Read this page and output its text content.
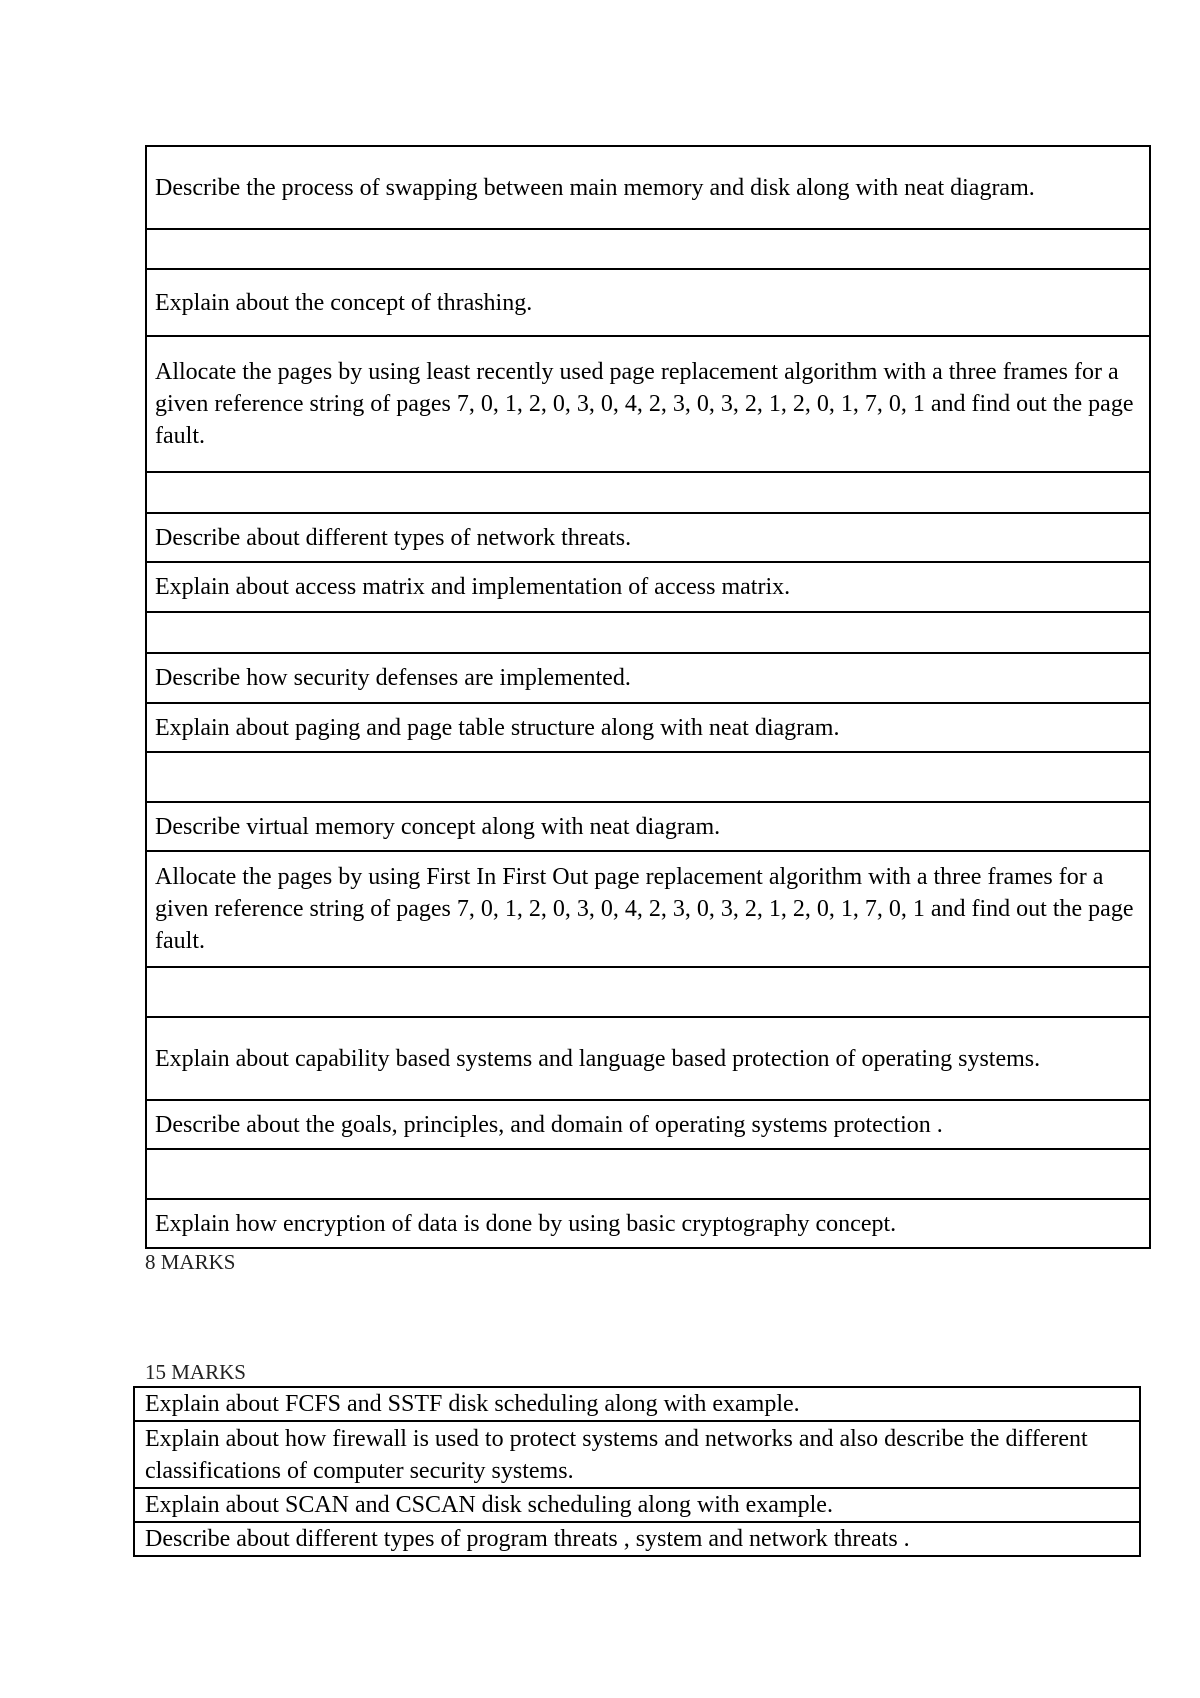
Describe the process of swapping between main memory and disk along with neat diagram.

Explain about the concept of thrashing.
Allocate the pages by using least recently used page replacement algorithm with a three frames for a given reference string of pages 7, 0, 1, 2, 0, 3, 0, 4, 2, 3, 0, 3, 2, 1, 2, 0, 1, 7, 0, 1 and find out the page fault.

Describe about different types of network threats.
Explain about access matrix and implementation of access matrix.

Describe how security defenses are implemented.
Explain about paging and page table structure along with neat diagram.

Describe virtual memory concept along with neat diagram.
Allocate the pages by using First In First Out page replacement algorithm with a three frames for a given reference string of pages 7, 0, 1, 2, 0, 3, 0, 4, 2, 3, 0, 3, 2, 1, 2, 0, 1, 7, 0, 1 and find out the page fault.

Explain about capability based systems and language based protection of operating systems.
Describe about the goals, principles, and domain of operating systems protection .

Explain how encryption of data is done by using basic cryptography concept.
8 MARKS
15 MARKS
Explain about FCFS and SSTF disk scheduling along with example.
Explain about how firewall is used to protect systems and networks and also describe the different classifications of computer security systems.
Explain about SCAN and CSCAN disk scheduling along with example.
Describe about different types of program threats , system and network threats .
